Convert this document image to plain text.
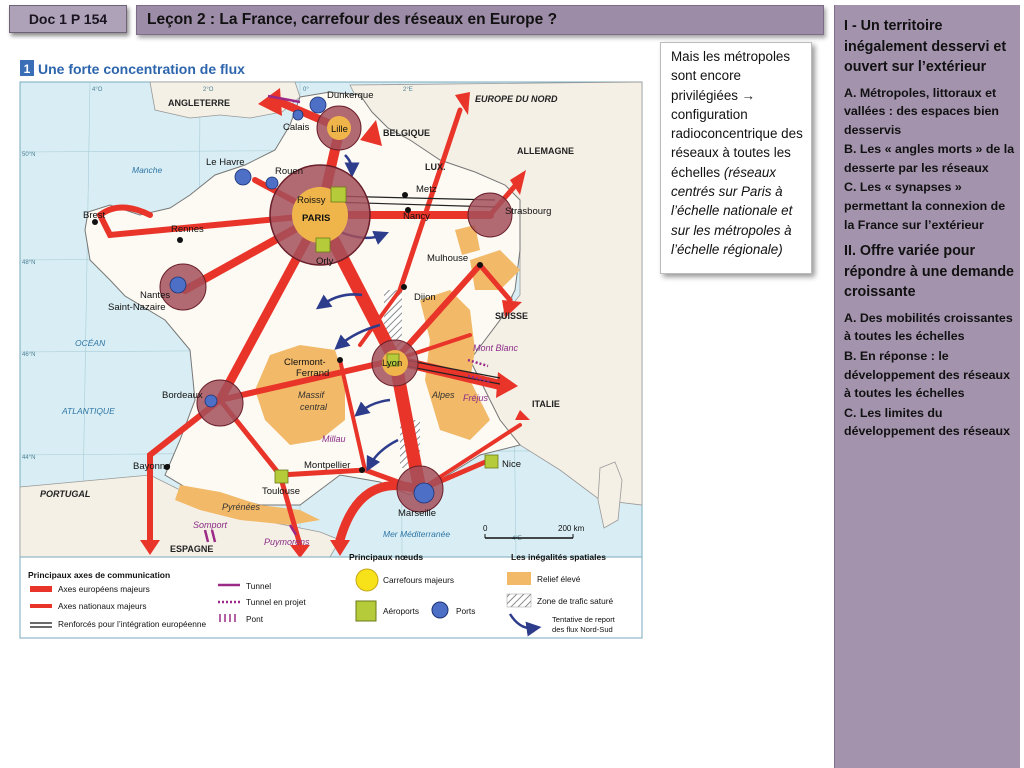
Doc 1 P 154	Leçon 2 : La France, carrefour des réseaux en Europe ?
Mais les métropoles sont encore privilégiées → configuration radioconcentrique des réseaux à toutes les échelles (réseaux centrés sur Paris à l’échelle nationale et sur les métropoles à l’échelle régionale)
I - Un territoire inégalement desservi et ouvert sur l’extérieur
A. Métropoles, littoraux et vallées : des espaces bien desservis
B. Les « angles morts » de la desserte par les réseaux
C. Les « synapses » permettant la connexion de la France sur l’extérieur
II. Offre variée pour répondre à une demande croissante
A. Des mobilités croissantes à toutes les échelles
B. En réponse : le développement des réseaux à toutes les échelles
C. Les limites du développement des réseaux
1 Une forte concentration de flux
ANGLETERRE
BELGIQUE
LUX.
ALLEMAGNE
EUROPE DU NORD
SUISSE
ITALIE
ESPAGNE
PORTUGAL
Manche
OCÉAN
ATLANTIQUE
Mer Méditerranée
Dunkerque
Calais Lille
Le Havre
Rouen
Roissy
PARIS
Orly
Brest
Rennes
Metz
Nancy	Strasbourg
Nantes
Saint-Nazaire
Mulhouse
Dijon
Clermont-
Ferrand
Lyon
Bordeaux
Bayonne
Toulouse
Montpellier
Marseille
Nice
Massif
central
Alpes
Pyrénées
Mont Blanc
Fréjus
Millau
Somport
Puymorens
50°N
48°N
46°N
44°N
4°O	2°O	0°	2°E
4°E
0	200 km
Principaux axes de communication
Axes européens majeurs
Axes nationaux majeurs
Renforcés pour l’intégration européenne
Tunnel
Tunnel en projet
Pont
Principaux nœuds
Carrefours majeurs
Aéroports	Ports
Les inégalités spatiales
Relief élevé
Zone de trafic saturé
Tentative de report des flux Nord-Sud
